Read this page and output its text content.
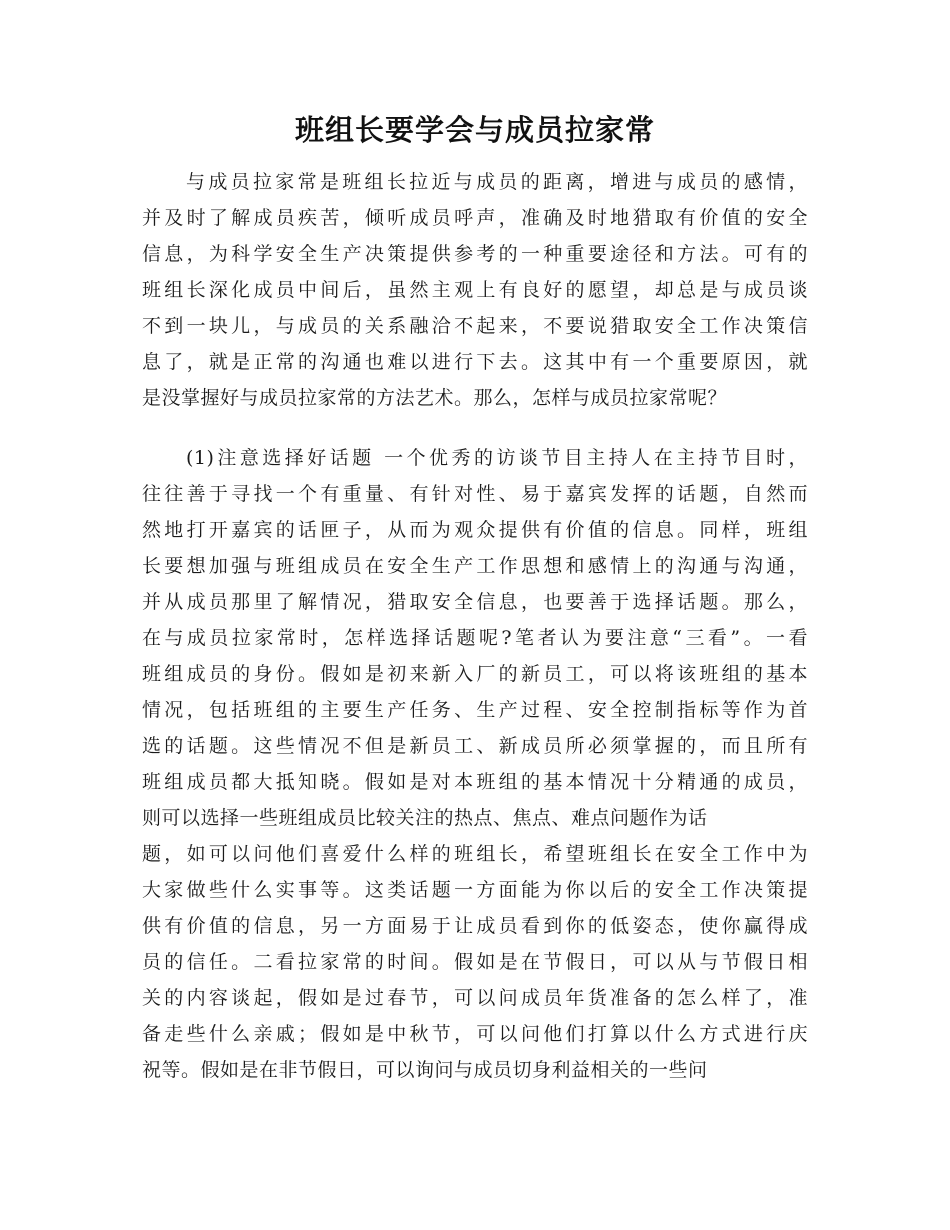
班组长要学会与成员拉家常
与成员拉家常是班组长拉近与成员的距离，增进与成员的感情，
并及时了解成员疾苦，倾听成员呼声，准确及时地猎取有价值的安全
信息，为科学安全生产决策提供参考的一种重要途径和方法。可有的
班组长深化成员中间后，虽然主观上有良好的愿望，却总是与成员谈
不到一块儿，与成员的关系融洽不起来，不要说猎取安全工作决策信
息了，就是正常的沟通也难以进行下去。这其中有一个重要原因，就
是没掌握好与成员拉家常的方法艺术。那么，怎样与成员拉家常呢？
(1)注意选择好话题 一个优秀的访谈节目主持人在主持节目时，
往往善于寻找一个有重量、有针对性、易于嘉宾发挥的话题，自然而
然地打开嘉宾的话匣子，从而为观众提供有价值的信息。同样，班组
长要想加强与班组成员在安全生产工作思想和感情上的沟通与沟通，
并从成员那里了解情况，猎取安全信息，也要善于选择话题。那么，
在与成员拉家常时，怎样选择话题呢?笔者认为要注意“三看”。一看
班组成员的身份。假如是初来新入厂的新员工，可以将该班组的基本
情况，包括班组的主要生产任务、生产过程、安全控制指标等作为首
选的话题。这些情况不但是新员工、新成员所必须掌握的，而且所有
班组成员都大抵知晓。假如是对本班组的基本情况十分精通的成员，
则可以选择一些班组成员比较关注的热点、焦点、难点问题作为话
题，如可以问他们喜爱什么样的班组长，希望班组长在安全工作中为
大家做些什么实事等。这类话题一方面能为你以后的安全工作决策提
供有价值的信息，另一方面易于让成员看到你的低姿态，使你赢得成
员的信任。二看拉家常的时间。假如是在节假日，可以从与节假日相
关的内容谈起，假如是过春节，可以问成员年货准备的怎么样了，准
备走些什么亲戚；假如是中秋节，可以问他们打算以什么方式进行庆
祝等。假如是在非节假日，可以询问与成员切身利益相关的一些问
